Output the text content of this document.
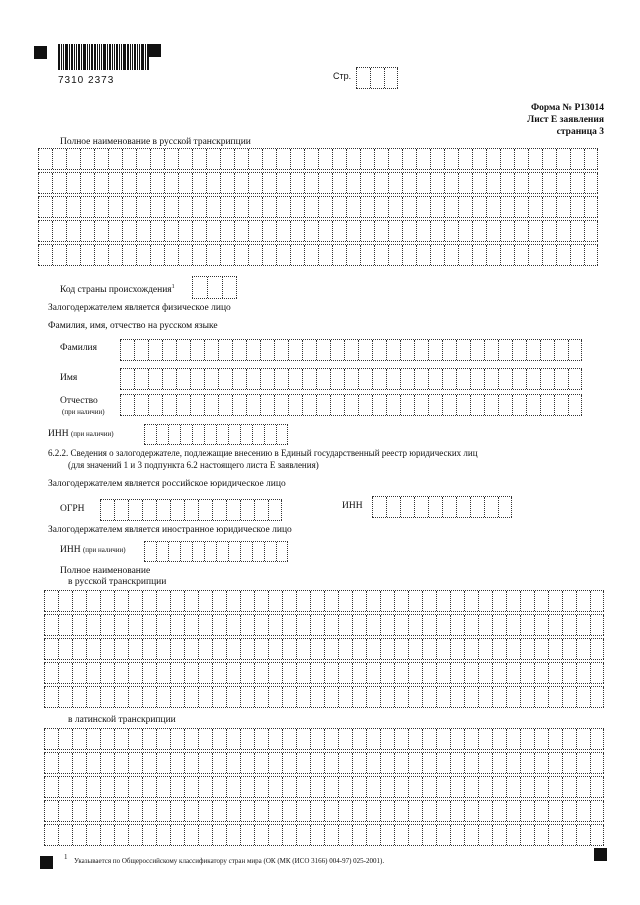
7310 2373	Стр.
Форма № Р13014
Лист Е заявления
страница 3
Полное наименование в русской транскрипции
Код страны происхождения$^1$
Залогодержателем является физическое лицо
Фамилия, имя, отчество на русском языке
Фамилия
Имя
Отчество
(при наличии)
ИНН (при наличии)
6.2.2. Сведения о залогодержателе, подлежащие внесению в Единый государственный реестр юридических лиц
(для значений 1 и 3 подпункта 6.2 настоящего листа Е заявления)
Залогодержателем является российское юридическое лицо
ОГРН	ИНН
Залогодержателем является иностранное юридическое лицо
ИНН (при наличии)
Полное наименование
в русской транскрипции
в латинской транскрипции
1 Указывается по Общероссийскому классификатору стран мира (ОК (МК (ИСО 3166) 004-97) 025-2001).
